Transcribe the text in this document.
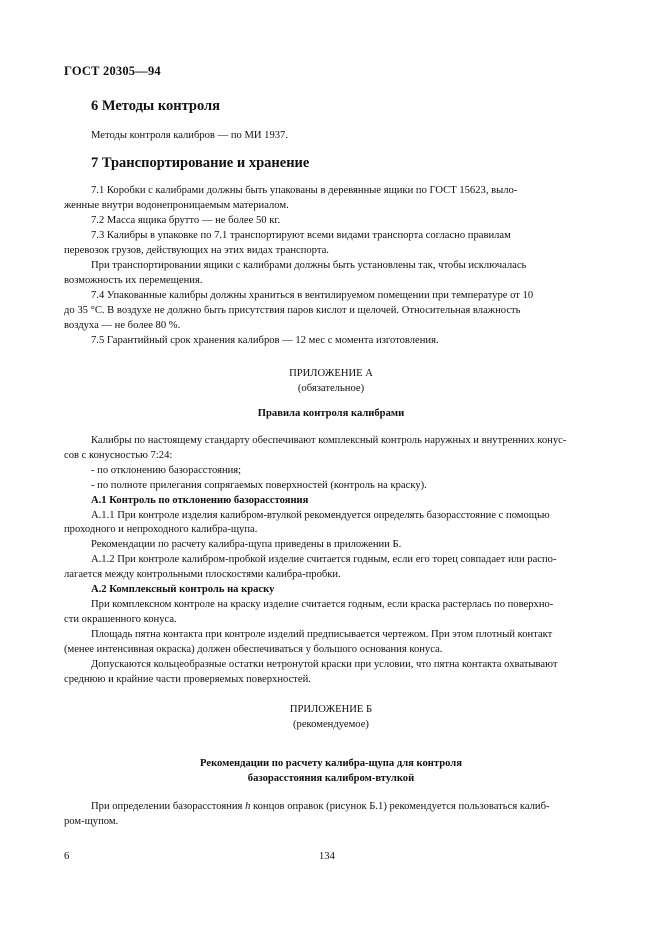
ГОСТ 20305—94
6 Методы контроля
Методы контроля калибров — по МИ 1937.
7 Транспортирование и хранение
7.1 Коробки с калибрами должны быть упакованы в деревянные ящики по ГОСТ 15623, выло-
женные внутри водонепроницаемым материалом.
7.2 Масса ящика брутто — не более 50 кг.
7.3 Калибры в упаковке по 7.1 транспортируют всеми видами транспорта согласно правилам
перевозок грузов, действующих на этих видах транспорта.
При транспортировании ящики с калибрами должны быть установлены так, чтобы исключалась
возможность их перемещения.
7.4 Упакованные калибры должны храниться в вентилируемом помещении при температуре от 10
до 35 °С. В воздухе не должно быть присутствия паров кислот и щелочей. Относительная влажность
воздуха — не более 80 %.
7.5 Гарантийный срок хранения калибров — 12 мес с момента изготовления.
ПРИЛОЖЕНИЕ А
(обязательное)
Правила контроля калибрами
Калибры по настоящему стандарту обеспечивают комплексный контроль наружных и внутренних конус-
сов с конусностью 7:24:
- по отклонению базорасстояния;
- по полноте прилегания сопрягаемых поверхностей (контроль на краску).
А.1 Контроль по отклонению базорасстояния
А.1.1 При контроле изделия калибром-втулкой рекомендуется определять базорасстояние с помощью
проходного и непроходного калибра-щупа.
Рекомендации по расчету калибра-щупа приведены в приложении Б.
А.1.2 При контроле калибром-пробкой изделие считается годным, если его торец совпадает или распо-
лагается между контрольными плоскостями калибра-пробки.
А.2 Комплексный контроль на краску
При комплексном контроле на краску изделие считается годным, если краска растерлась по поверхно-
сти окрашенного конуса.
Площадь пятна контакта при контроле изделий предписывается чертежом. При этом плотный контакт
(менее интенсивная окраска) должен обеспечиваться у большого основания конуса.
Допускаются кольцеобразные остатки нетронутой краски при условии, что пятна контакта охватывают
среднюю и крайние части проверяемых поверхностей.
ПРИЛОЖЕНИЕ Б
(рекомендуемое)
Рекомендации по расчету калибра-щупа для контроля
базорасстояния калибром-втулкой
При определении базорасстояния h концов оправок (рисунок Б.1) рекомендуется пользоваться калиб-
ром-щупом.
6	134
